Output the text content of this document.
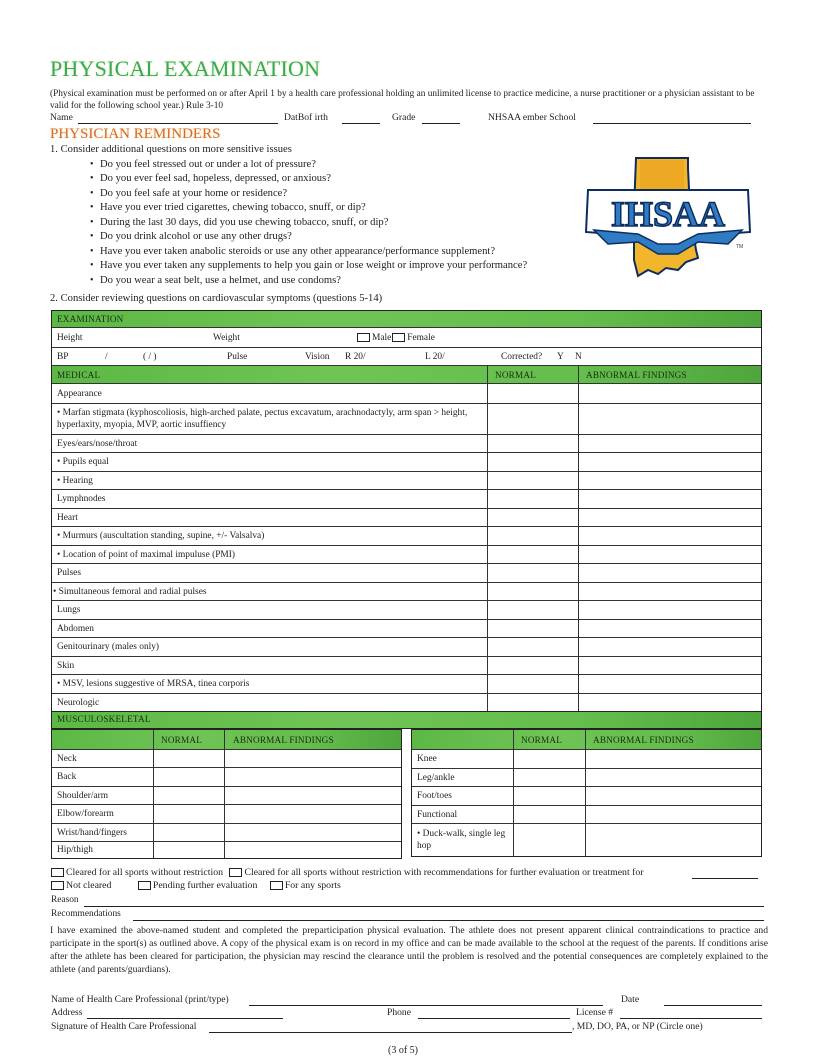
PHYSICAL EXAMINATION
(Physical examination must be performed on or after April 1 by a health care professional holding an unlimited license to practice medicine, a nurse practitioner or a physician assistant to be valid for the following school year.) Rule 3-10
Name	DatBof irth	Grade	NHSAA ember School
PHYSICIAN REMINDERS
1. Consider additional questions on more sensitive issues
• Do you feel stressed out or under a lot of pressure?
• Do you ever feel sad, hopeless, depressed, or anxious?
• Do you feel safe at your home or residence?
• Have you ever tried cigarettes, chewing tobacco, snuff, or dip?
• During the last 30 days, did you use chewing tobacco, snuff, or dip?
• Do you drink alcohol or use any other drugs?
• Have you ever taken anabolic steroids or use any other appearance/performance supplement?
• Have you ever taken any supplements to help you gain or lose weight or improve your performance?
• Do you wear a seat belt, use a helmet, and use condoms?
2. Consider reviewing questions on cardiovascular symptoms (questions 5-14)
IHSAA
TM
EXAMINATION
Height	Weight	Male Female
BP	/	( / )	Pulse	Vision	R 20/	L 20/	Corrected?	Y	N
MEDICAL	NORMAL	ABNORMAL FINDINGS
Appearance
• Marfan stigmata (kyphoscoliosis, high-arched palate, pectus excavatum, arachnodactyly, arm span > height, hyperlaxity, myopia, MVP, aortic insuffiency
Eyes/ears/nose/throat
• Pupils equal
• Hearing
Lymphnodes
Heart
• Murmurs (auscultation standing, supine, +/- Valsalva)
• Location of point of maximal impuluse (PMI)
Pulses
• Simultaneous femoral and radial pulses
Lungs
Abdomen
Genitourinary (males only)
Skin
• MSV, lesions suggestive of MRSA, tinea corporis
Neurologic
MUSCULOSKELETAL
NORMAL	ABNORMAL FINDINGS
Neck
Back
Shoulder/arm
Elbow/forearm
Wrist/hand/fingers
Hip/thigh
NORMAL	ABNORMAL FINDINGS
Knee
Leg/ankle
Foot/toes
Functional
• Duck-walk, single leg hop
Cleared for all sports without restriction Cleared for all sports without restriction with recommendations for further evaluation or treatment for
Not cleared	Pending further evaluation	For any sports
Reason
Recommendations
I have examined the above-named student and completed the preparticipation physical evaluation. The athlete does not present apparent clinical contraindications to practice and participate in the sport(s) as outlined above. A copy of the physical exam is on record in my office and can be made available to the school at the request of the parents. If conditions arise after the athlete has been cleared for participation, the physician may rescind the clearance until the problem is resolved and the potential consequences are completely explained to the athlete (and parents/guardians).
Name of Health Care Professional (print/type)	Date
Address	Phone	License #
Signature of Health Care Professional	, MD, DO, PA, or NP (Circle one)
(3 of 5)
